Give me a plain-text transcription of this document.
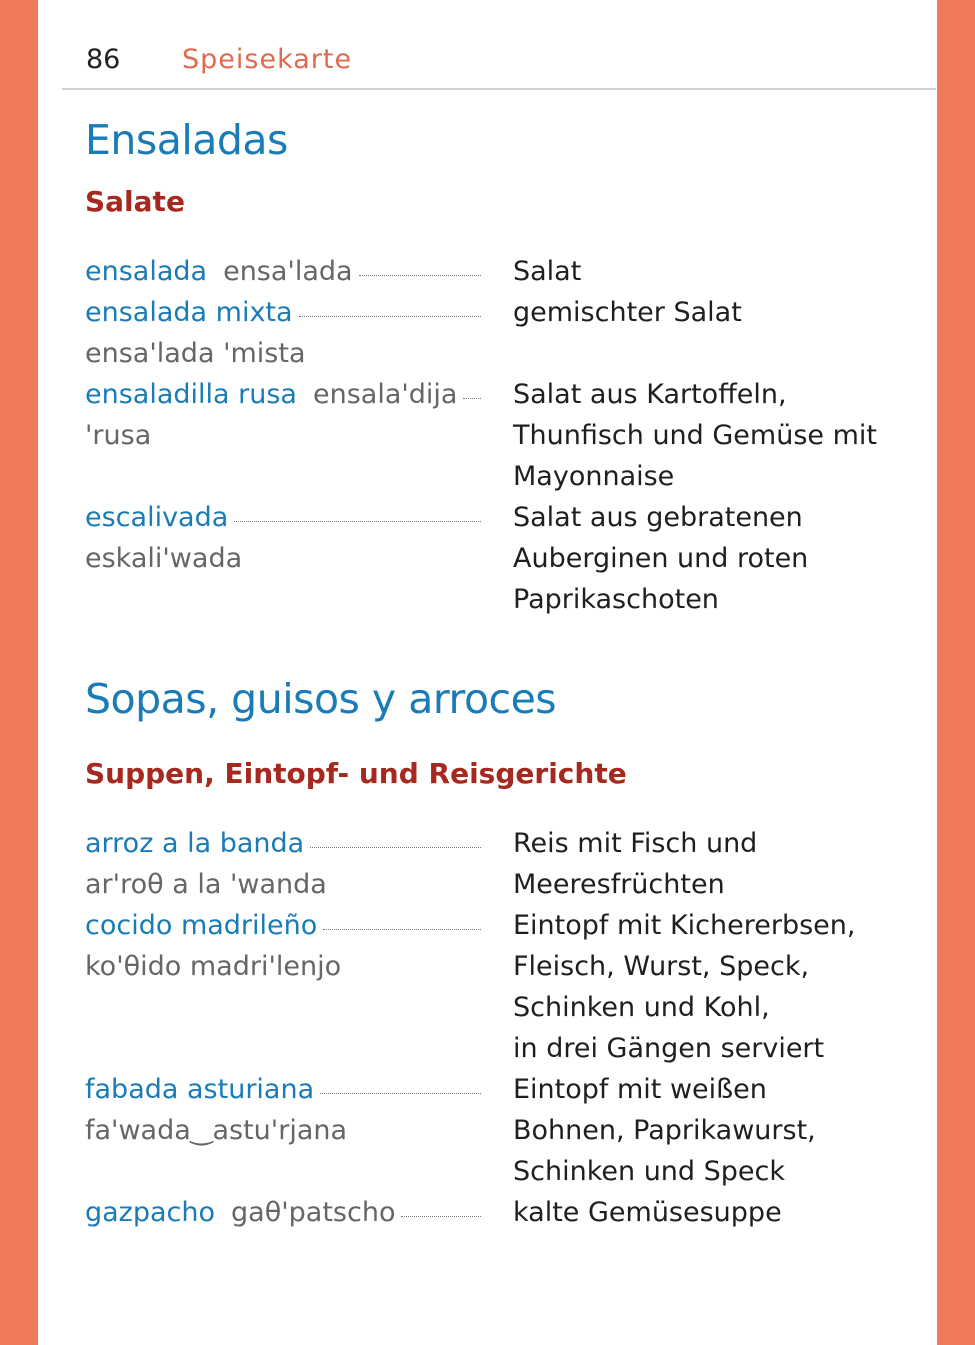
86 Speisekarte
Ensaladas
Salate
ensalada ensa'lada	Salat
ensalada mixta
ensa'lada 'mista
gemischter Salat
ensaladilla rusa ensala'dija
'rusa
Salat aus Kartoffeln,
Thunfisch und Gemüse mit
Mayonnaise
escalivada
eskali'wada
Salat aus gebratenen
Auberginen und roten
Paprikaschoten
Sopas, guisos y arroces
Suppen, Eintopf- und Reisgerichte
arroz a la banda
ar'roθ a la 'wanda
Reis mit Fisch und
Meeresfrüchten
cocido madrileño
ko'θido madri'lenjo
Eintopf mit Kichererbsen,
Fleisch, Wurst, Speck,
Schinken und Kohl,
in drei Gängen serviert
fabada asturiana
fa'wada‿astu'rjana
Eintopf mit weißen
Bohnen, Paprikawurst,
Schinken und Speck
gazpacho gaθ'patscho	kalte Gemüsesuppe
